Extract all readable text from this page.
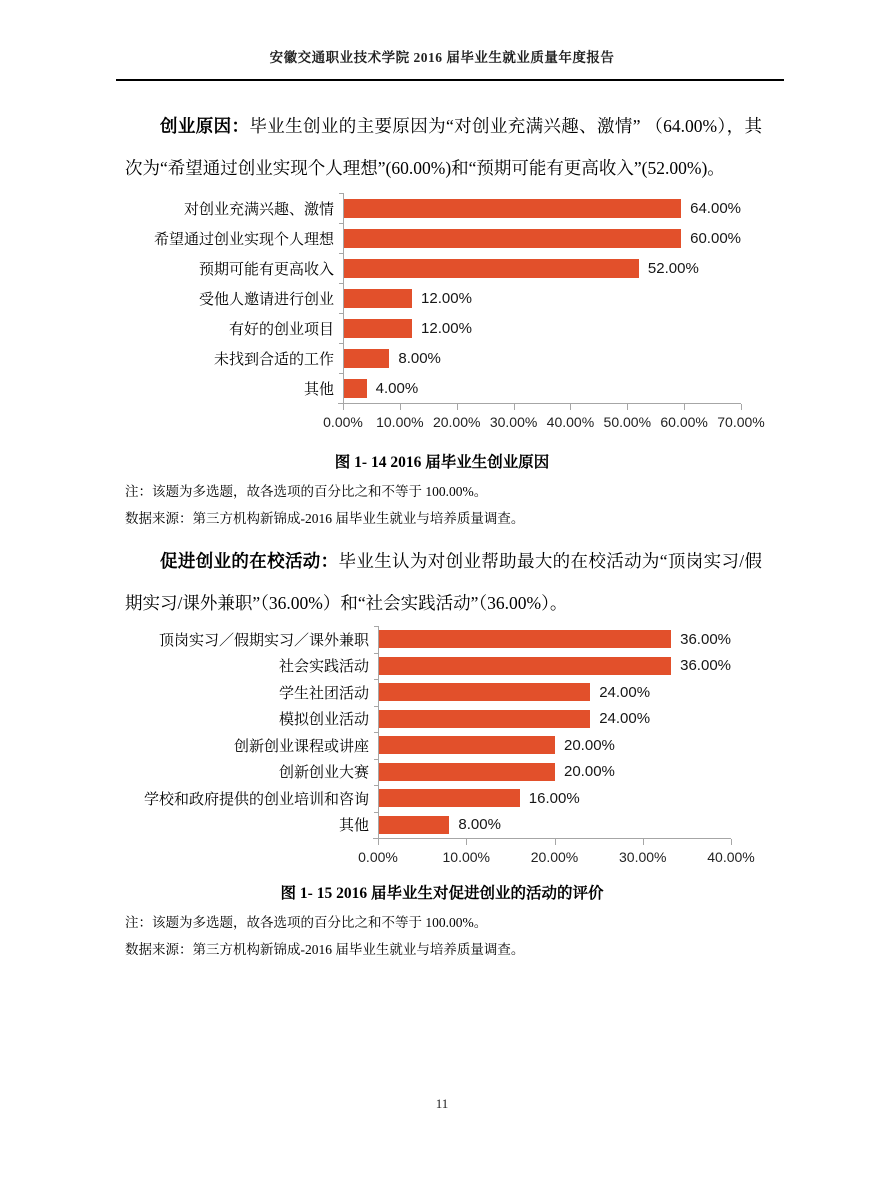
安徽交通职业技术学院 2016 届毕业生就业质量年度报告

创业原因：毕业生创业的主要原因为“对创业充满兴趣、激情” （64.00%），其次为“希望通过创业实现个人理想”(60.00%)和“预期可能有更高收入”(52.00%)。

对创业充满兴趣、激情	64.00%
希望通过创业实现个人理想	60.00%
预期可能有更高收入	52.00%
受他人邀请进行创业	12.00%
有好的创业项目	12.00%
未找到合适的工作	8.00%
其他	4.00%
0.00% 10.00% 20.00% 30.00% 40.00% 50.00% 60.00% 70.00%
图 1- 14 2016 届毕业生创业原因
注：该题为多选题，故各选项的百分比之和不等于 100.00%。
数据来源：第三方机构新锦成-2016 届毕业生就业与培养质量调查。

促进创业的在校活动：毕业生认为对创业帮助最大的在校活动为“顶岗实习/假期实习/课外兼职”（36.00%）和“社会实践活动”（36.00%）。

顶岗实习／假期实习／课外兼职	36.00%
社会实践活动	36.00%
学生社团活动	24.00%
模拟创业活动	24.00%
创新创业课程或讲座	20.00%
创新创业大赛	20.00%
学校和政府提供的创业培训和咨询	16.00%
其他	8.00%
0.00%	10.00%	20.00%	30.00%	40.00%
图 1- 15 2016 届毕业生对促进创业的活动的评价
注：该题为多选题，故各选项的百分比之和不等于 100.00%。
数据来源：第三方机构新锦成-2016 届毕业生就业与培养质量调查。
11
